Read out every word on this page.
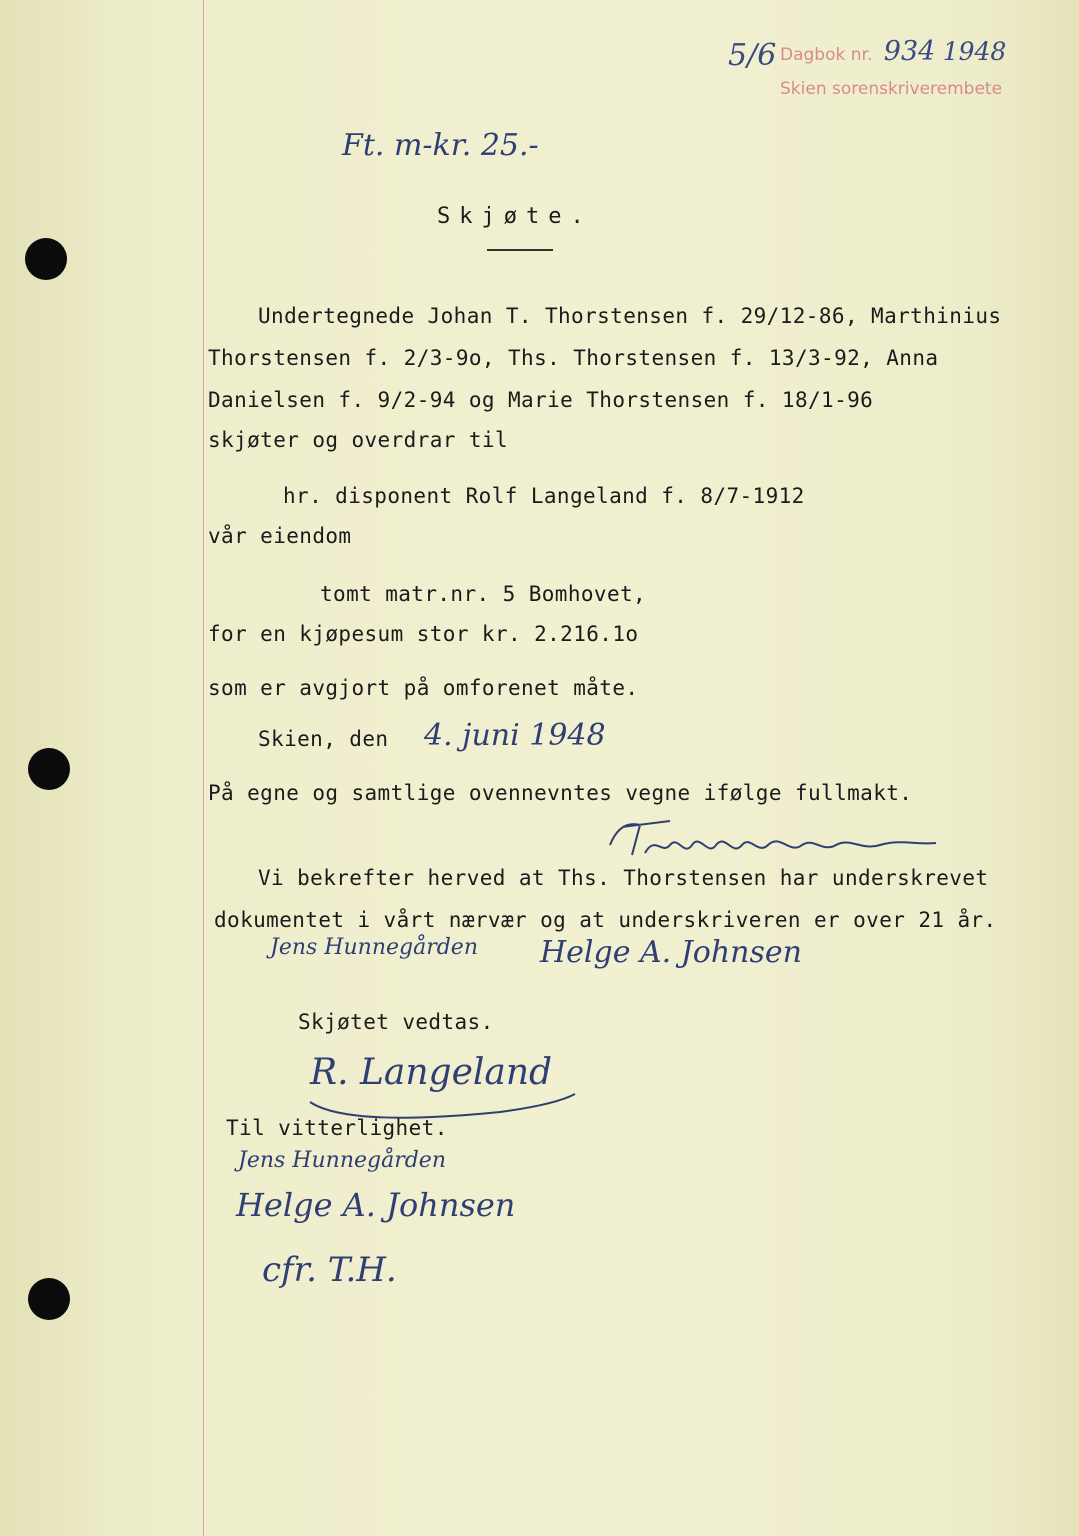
5/6 Dagbok nr. 934 1948
Skien sorenskriverembete
Ft. m-kr. 25.-
Skjøte.
Undertegnede Johan T. Thorstensen f. 29/12-86, Marthinius
Thorstensen f. 2/3-9o, Ths. Thorstensen f. 13/3-92, Anna
Danielsen f. 9/2-94 og Marie Thorstensen f. 18/1-96
skjøter og overdrar til
hr. disponent Rolf Langeland f. 8/7-1912
vår eiendom
tomt matr.nr. 5 Bomhovet,
for en kjøpesum stor kr. 2.216.1o
som er avgjort på omforenet måte.
Skien, den 4. juni 1948
På egne og samtlige ovennevntes vegne ifølge fullmakt.
Vi bekrefter herved at Ths. Thorstensen har underskrevet
dokumentet i vårt nærvær og at underskriveren er over 21 år.
Jens Hunnegården Helge A. Johnsen
Skjøtet vedtas.
R. Langeland
Til vitterlighet.
Jens Hunnegården
Helge A. Johnsen
cfr. T.H.
